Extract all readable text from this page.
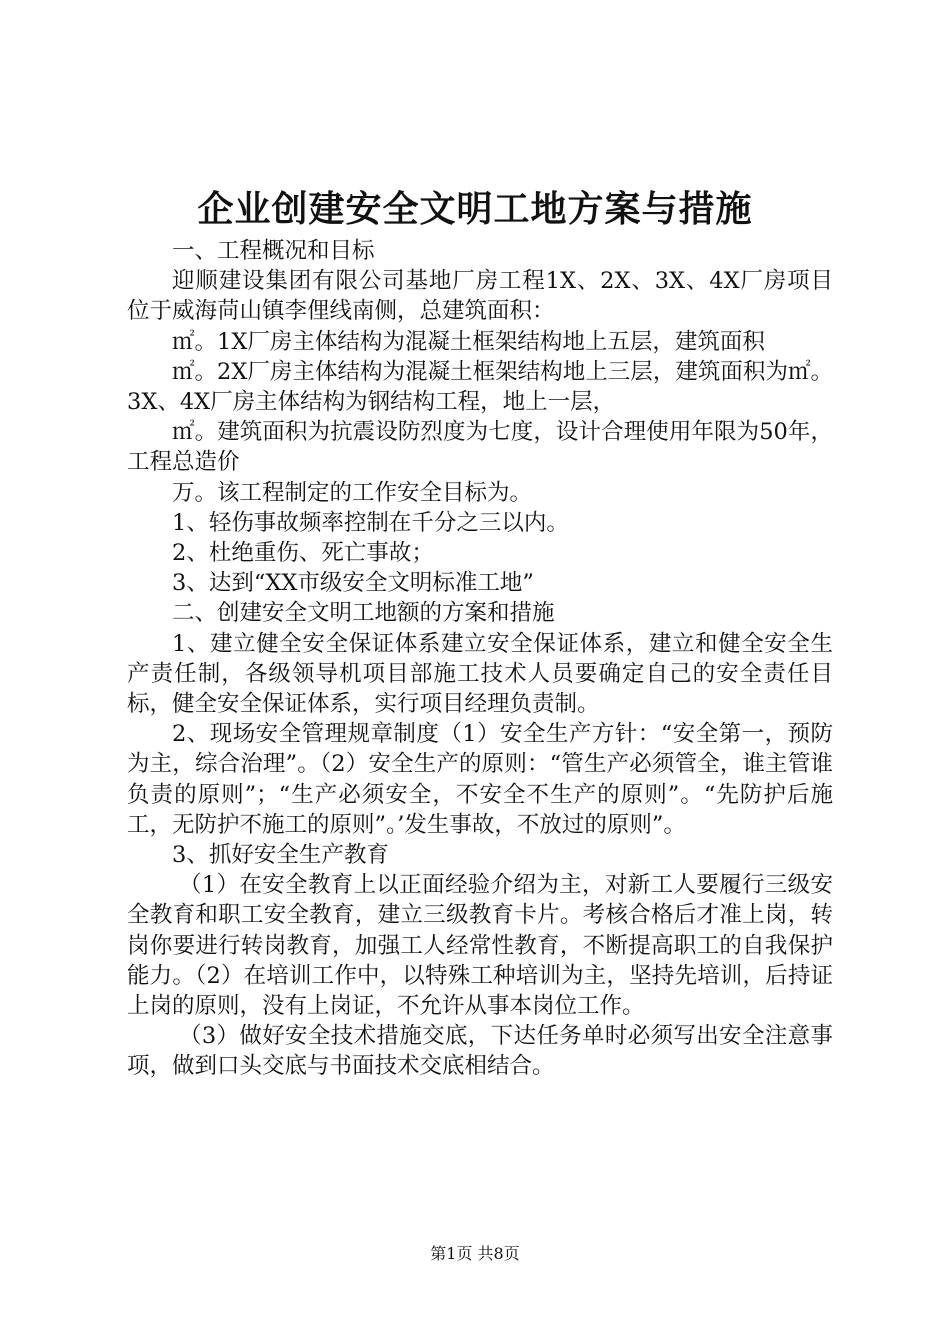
企业创建安全文明工地方案与措施

一、工程概况和目标

迎顺建设集团有限公司基地厂房工程1X、2X、3X、4X厂房项目位于威海苘山镇李俚线南侧，总建筑面积：

㎡。1X厂房主体结构为混凝土框架结构地上五层，建筑面积

㎡。2X厂房主体结构为混凝土框架结构地上三层，建筑面积为㎡。3X、4X厂房主体结构为钢结构工程，地上一层，

㎡。建筑面积为抗震设防烈度为七度，设计合理使用年限为50年，工程总造价

万。该工程制定的工作安全目标为。

1、轻伤事故频率控制在千分之三以内。

2、杜绝重伤、死亡事故；

3、达到“XX市级安全文明标准工地”

二、创建安全文明工地额的方案和措施

1、建立健全安全保证体系建立安全保证体系，建立和健全安全生产责任制，各级领导机项目部施工技术人员要确定自己的安全责任目标，健全安全保证体系，实行项目经理负责制。

2、现场安全管理规章制度（1）安全生产方针：“安全第一，预防为主，综合治理”。（2）安全生产的原则：“管生产必须管全，谁主管谁负责的原则”；“生产必须安全，不安全不生产的原则”。“先防护后施工，无防护不施工的原则”。’发生事故，不放过的原则”。

3、抓好安全生产教育

（1）在安全教育上以正面经验介绍为主，对新工人要履行三级安全教育和职工安全教育，建立三级教育卡片。考核合格后才准上岗，转岗你要进行转岗教育，加强工人经常性教育，不断提高职工的自我保护能力。（2）在培训工作中，以特殊工种培训为主，坚持先培训，后持证上岗的原则，没有上岗证，不允许从事本岗位工作。

（3）做好安全技术措施交底，下达任务单时必须写出安全注意事项，做到口头交底与书面技术交底相结合。

第1页 共8页
